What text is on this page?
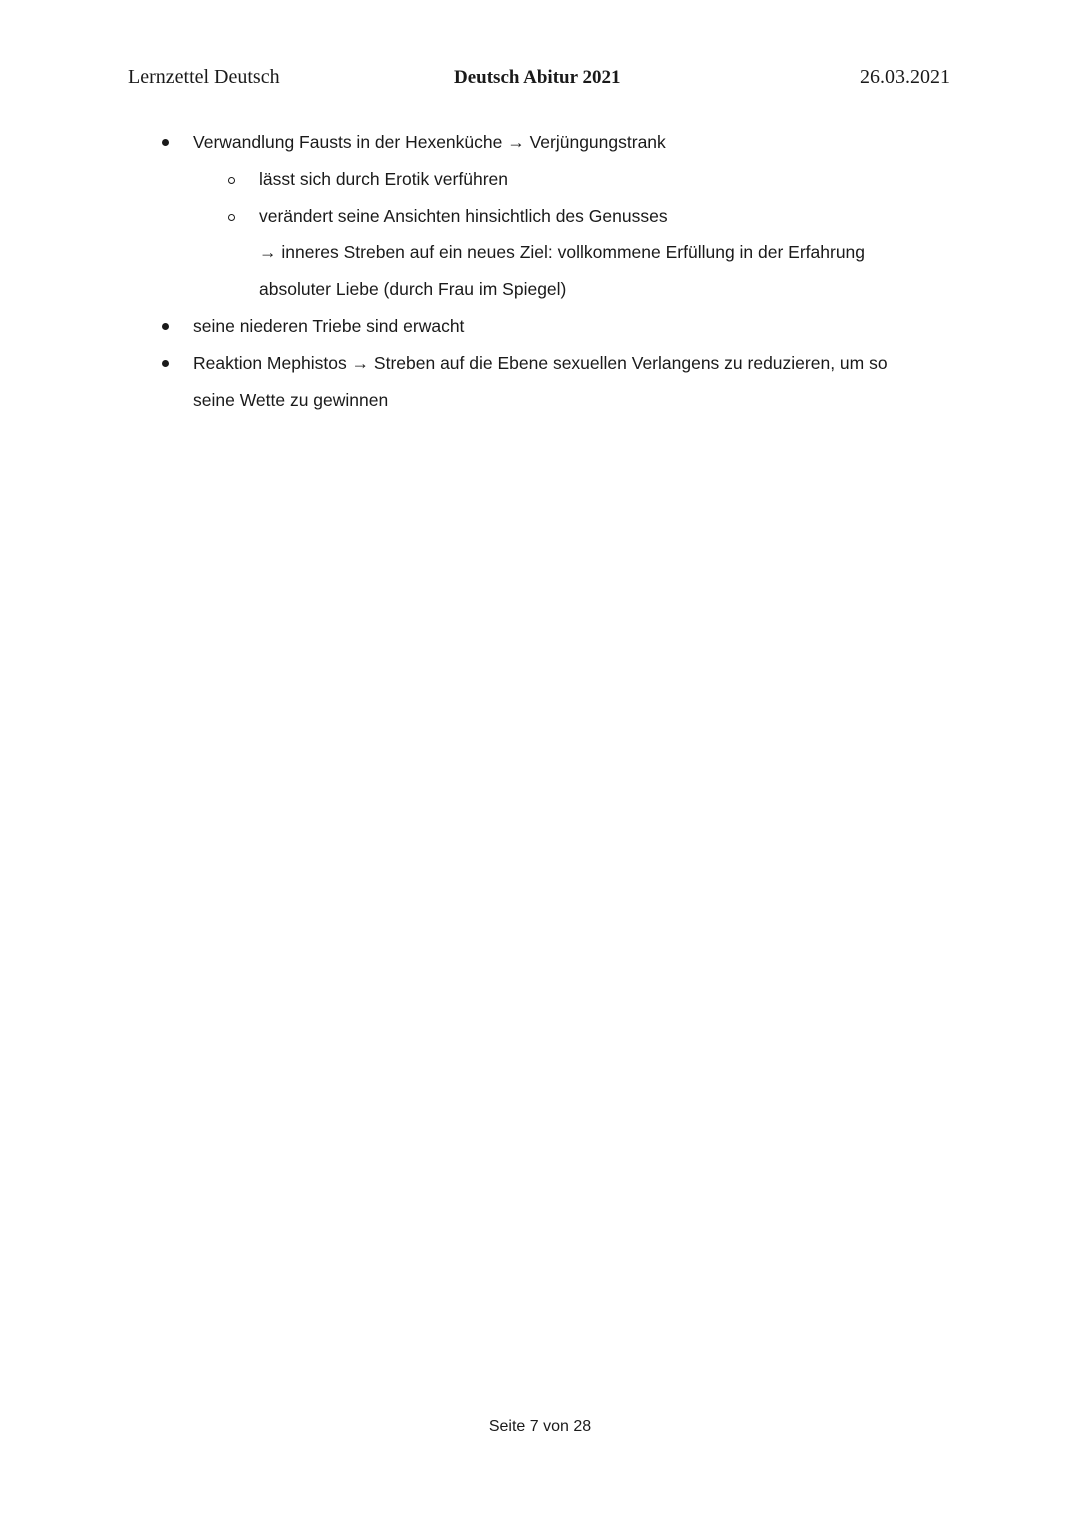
Lernzettel Deutsch	Deutsch Abitur 2021	26.03.2021
Verwandlung Fausts in der Hexenküche → Verjüngungstrank
lässt sich durch Erotik verführen
verändert seine Ansichten hinsichtlich des Genusses
→ inneres Streben auf ein neues Ziel: vollkommene Erfüllung in der Erfahrung
absoluter Liebe (durch Frau im Spiegel)
seine niederen Triebe sind erwacht
Reaktion Mephistos → Streben auf die Ebene sexuellen Verlangens zu reduzieren, um so
seine Wette zu gewinnen
Seite 7 von 28
